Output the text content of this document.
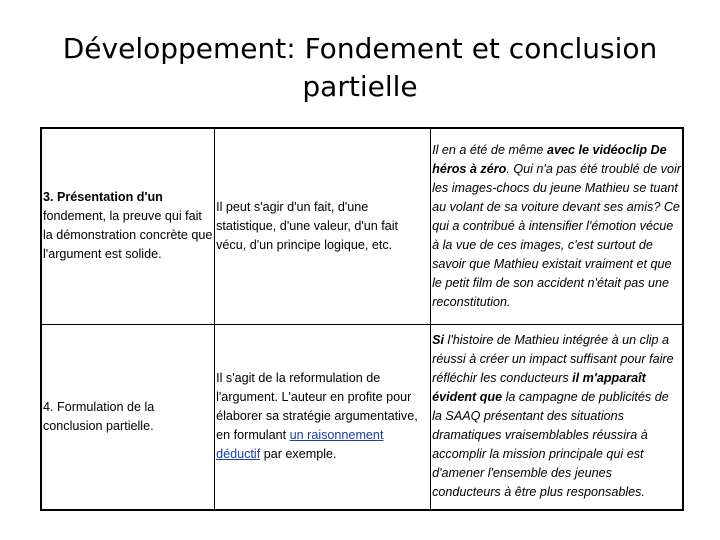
Développement: Fondement et conclusion partielle
3. Présentation d'un fondement, la preuve qui fait la démonstration concrète que l'argument est solide.	Il peut s'agir d'un fait, d'une statistique, d'une valeur, d'un fait vécu, d'un principe logique, etc.	Il en a été de même avec le vidéoclip De héros à zéro. Qui n'a pas été troublé de voir les images-chocs du jeune Mathieu se tuant au volant de sa voiture devant ses amis? Ce qui a contribué à intensifier l'émotion vécue à la vue de ces images, c'est surtout de savoir que Mathieu existait vraiment et que le petit film de son accident n'était pas une reconstitution.
4. Formulation de la conclusion partielle.	Il s'agit de la reformulation de l'argument. L'auteur en profite pour élaborer sa stratégie argumentative, en formulant un raisonnement déductif par exemple.	Si l'histoire de Mathieu intégrée à un clip a réussi à créer un impact suffisant pour faire réfléchir les conducteurs il m'apparaît évident que la campagne de publicités de la SAAQ présentant des situations dramatiques vraisemblables réussira à accomplir la mission principale qui est d'amener l'ensemble des jeunes conducteurs à être plus responsables.
